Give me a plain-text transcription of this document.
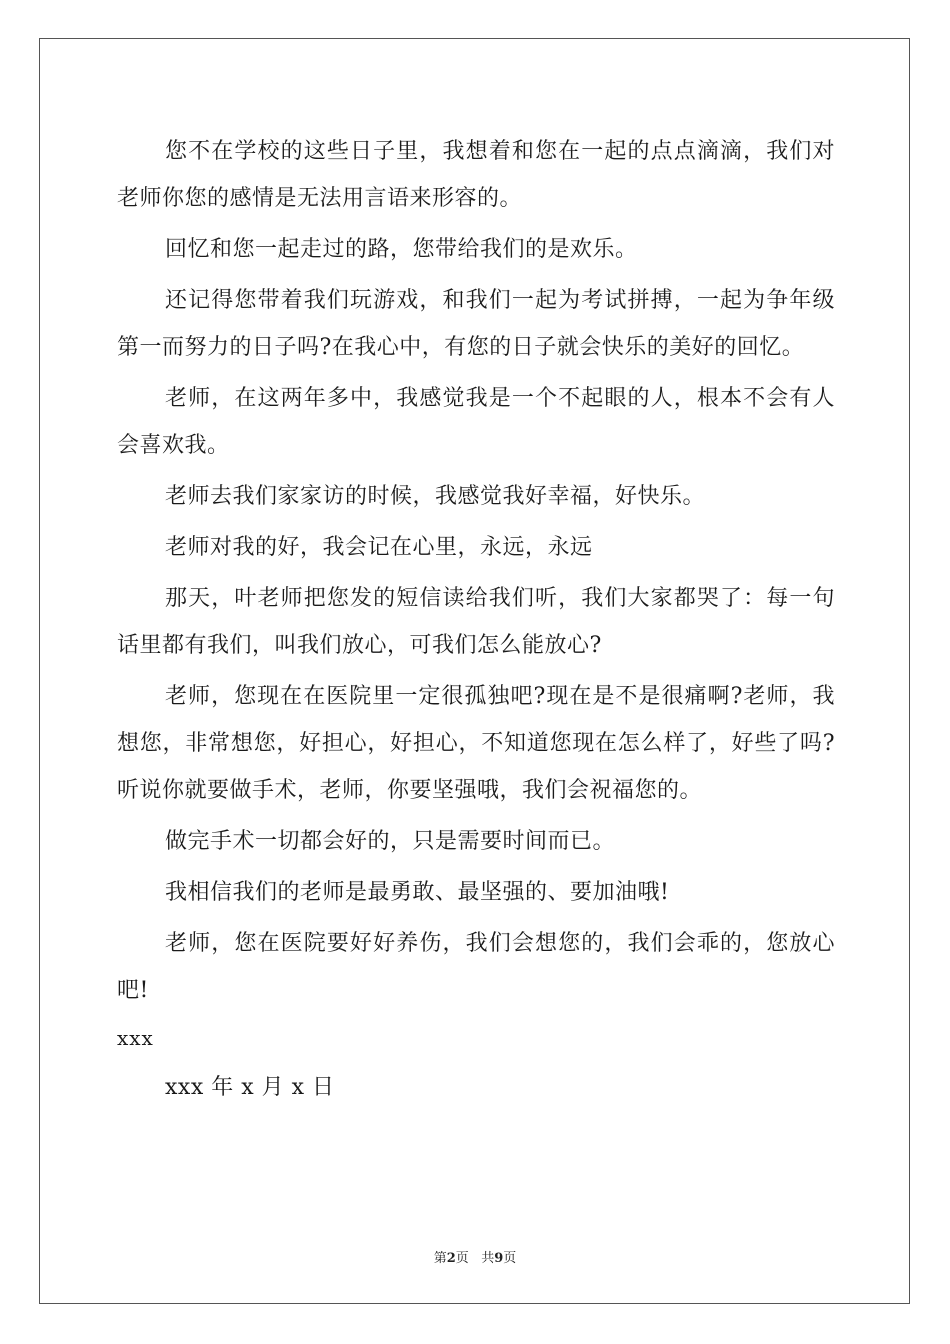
您不在学校的这些日子里，我想着和您在一起的点点滴滴，我们对老师你您的感情是无法用言语来形容的。

回忆和您一起走过的路，您带给我们的是欢乐。

还记得您带着我们玩游戏，和我们一起为考试拼搏，一起为争年级第一而努力的日子吗?在我心中，有您的日子就会快乐的美好的回忆。

老师，在这两年多中，我感觉我是一个不起眼的人，根本不会有人会喜欢我。

老师去我们家家访的时候，我感觉我好幸福，好快乐。

老师对我的好，我会记在心里，永远，永远

那天，叶老师把您发的短信读给我们听，我们大家都哭了：每一句话里都有我们，叫我们放心，可我们怎么能放心?

老师，您现在在医院里一定很孤独吧?现在是不是很痛啊?老师，我想您，非常想您，好担心，好担心，不知道您现在怎么样了，好些了吗?听说你就要做手术，老师，你要坚强哦，我们会祝福您的。

做完手术一切都会好的，只是需要时间而已。

我相信我们的老师是最勇敢、最坚强的、要加油哦!

老师，您在医院要好好养伤，我们会想您的，我们会乖的，您放心吧!

xxx

xxx 年 x 月 x 日

第2页 共9页
